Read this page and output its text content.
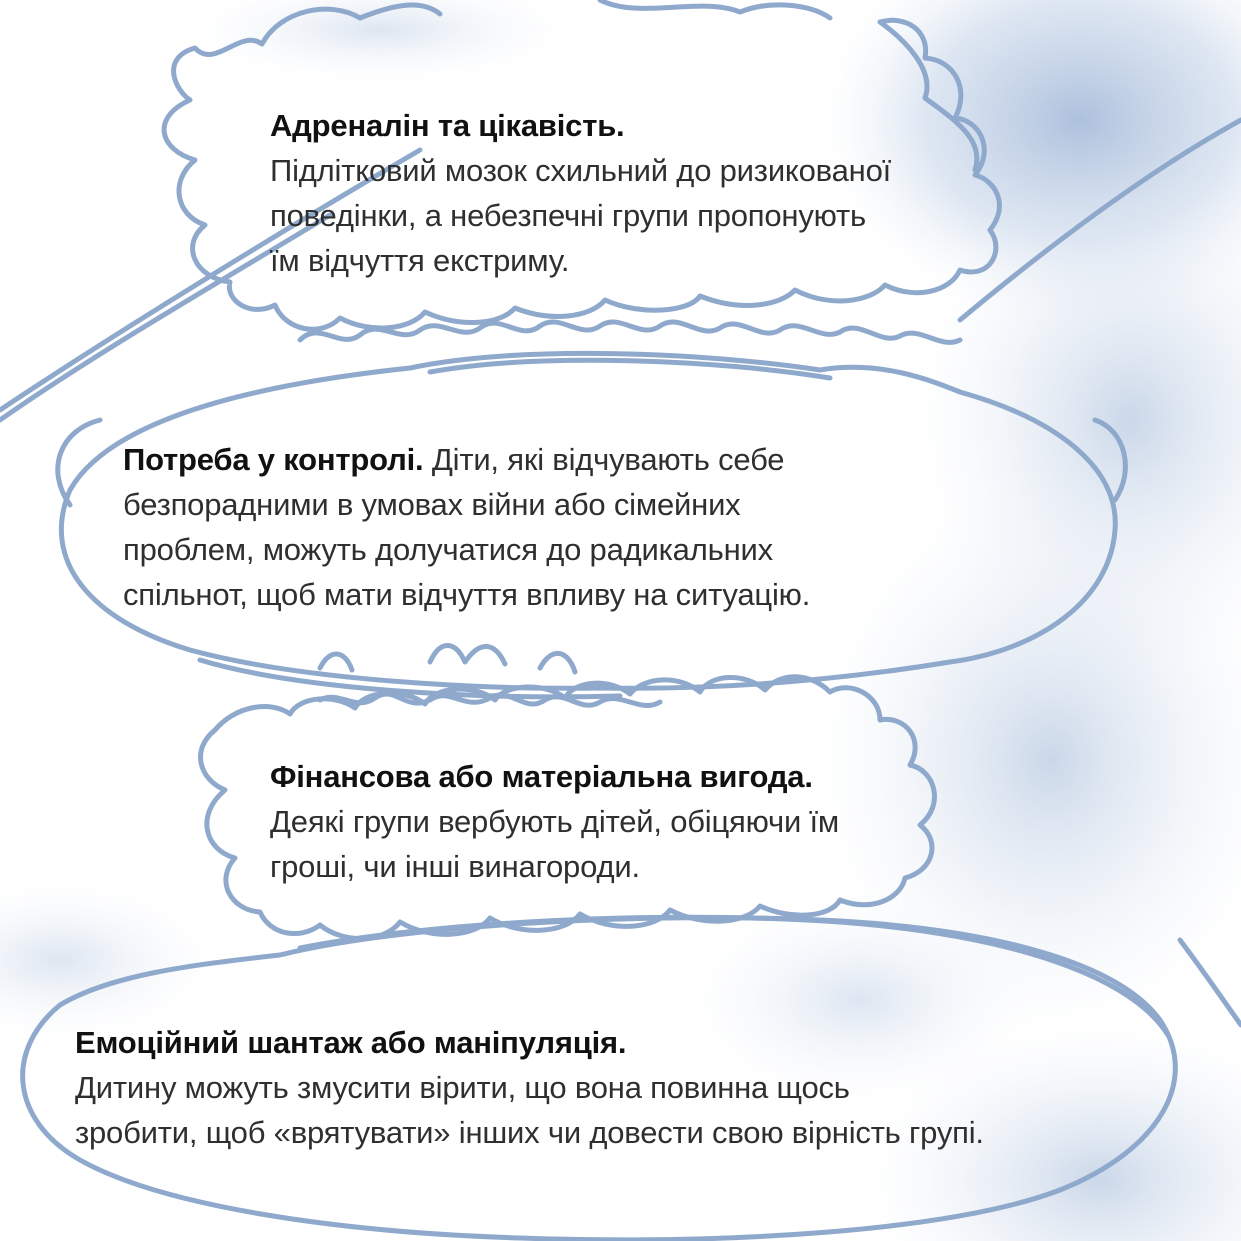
Адреналін та цікавість.
Підлітковий мозок схильний до ризикованої
поведінки, а небезпечні групи пропонують
їм відчуття екстриму.
Потреба у контролі. Діти, які відчувають себе
безпорадними в умовах війни або сімейних
проблем, можуть долучатися до радикальних
спільнот, щоб мати відчуття впливу на ситуацію.
Фінансова або матеріальна вигода.
Деякі групи вербують дітей, обіцяючи їм
гроші, чи інші винагороди.
Емоційний шантаж або маніпуляція.
Дитину можуть змусити вірити, що вона повинна щось
зробити, щоб «врятувати» інших чи довести свою вірність групі.
